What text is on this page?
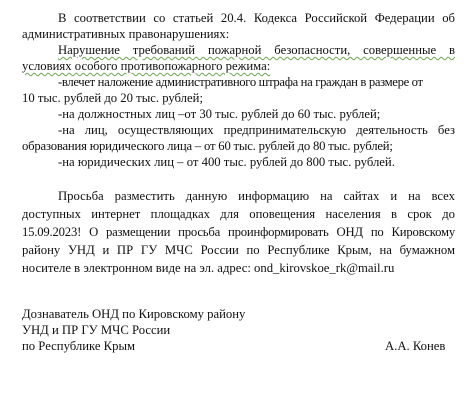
В соответствии со статьей 20.4. Кодекса Российской Федерации об
административных правонарушениях:
Нарушение требований пожарной безопасности, совершенные в
условиях особого противопожарного режима:
-влечет наложение административного штрафа на граждан в размере от
10 тыс. рублей до 20 тыс. рублей;
-на должностных лиц –от 30 тыс. рублей до 60 тыс. рублей;
-на лиц, осуществляющих предпринимательскую деятельность без
образования юридического лица – от 60 тыс. рублей до 80 тыс. рублей;
-на юридических лиц – от 400 тыс. рублей до 800 тыс. рублей.
Просьба разместить данную информацию на сайтах и на всех
доступных интернет площадках для оповещения населения в срок до
15.09.2023! О размещении просьба проинформировать ОНД по Кировскому
району УНД и ПР ГУ МЧС России по Республике Крым, на бумажном
носителе в электронном виде на эл. адрес: ond_kirovskoe_rk@mail.ru
Дознаватель ОНД по Кировскому району
УНД и ПР ГУ МЧС России
по Республике Крым	А.А. Конев
